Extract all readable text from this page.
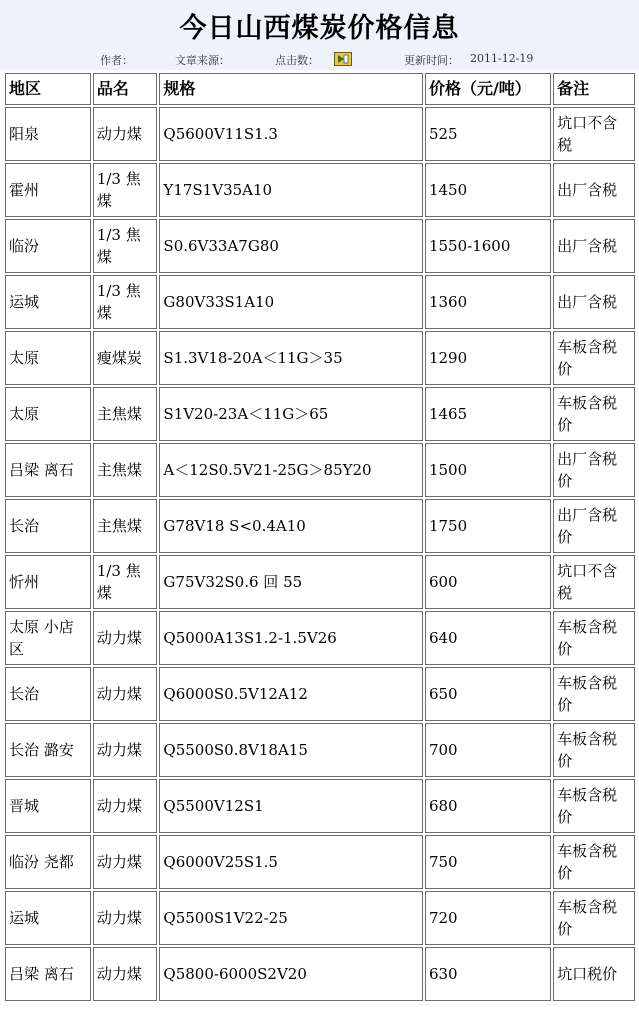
今日山西煤炭价格信息
作者：	文章来源：	点击数：	更新时间： 2011-12-19
地区	品名	规格	价格（元/吨）	备注
阳泉	动力煤	Q5600V11S1.3	525	坑口不含税
霍州	1/3 焦煤	Y17S1V35A10	1450	出厂含税
临汾	1/3 焦煤	S0.6V33A7G80	1550-1600	出厂含税
运城	1/3 焦煤	G80V33S1A10	1360	出厂含税
太原	瘦煤炭	S1.3V18-20A＜11G＞35	1290	车板含税价
太原	主焦煤	S1V20-23A＜11G＞65	1465	车板含税价
吕梁 离石	主焦煤	A＜12S0.5V21-25G＞85Y20	1500	出厂含税价
长治	主焦煤	G78V18 S<0.4A10	1750	出厂含税价
忻州	1/3 焦煤	G75V32S0.6 回 55	600	坑口不含税
太原 小店区	动力煤	Q5000A13S1.2-1.5V26	640	车板含税价
长治	动力煤	Q6000S0.5V12A12	650	车板含税价
长治 潞安	动力煤	Q5500S0.8V18A15	700	车板含税价
晋城	动力煤	Q5500V12S1	680	车板含税价
临汾 尧都	动力煤	Q6000V25S1.5	750	车板含税价
运城	动力煤	Q5500S1V22-25	720	车板含税价
吕梁 离石	动力煤	Q5800-6000S2V20	630	坑口税价
